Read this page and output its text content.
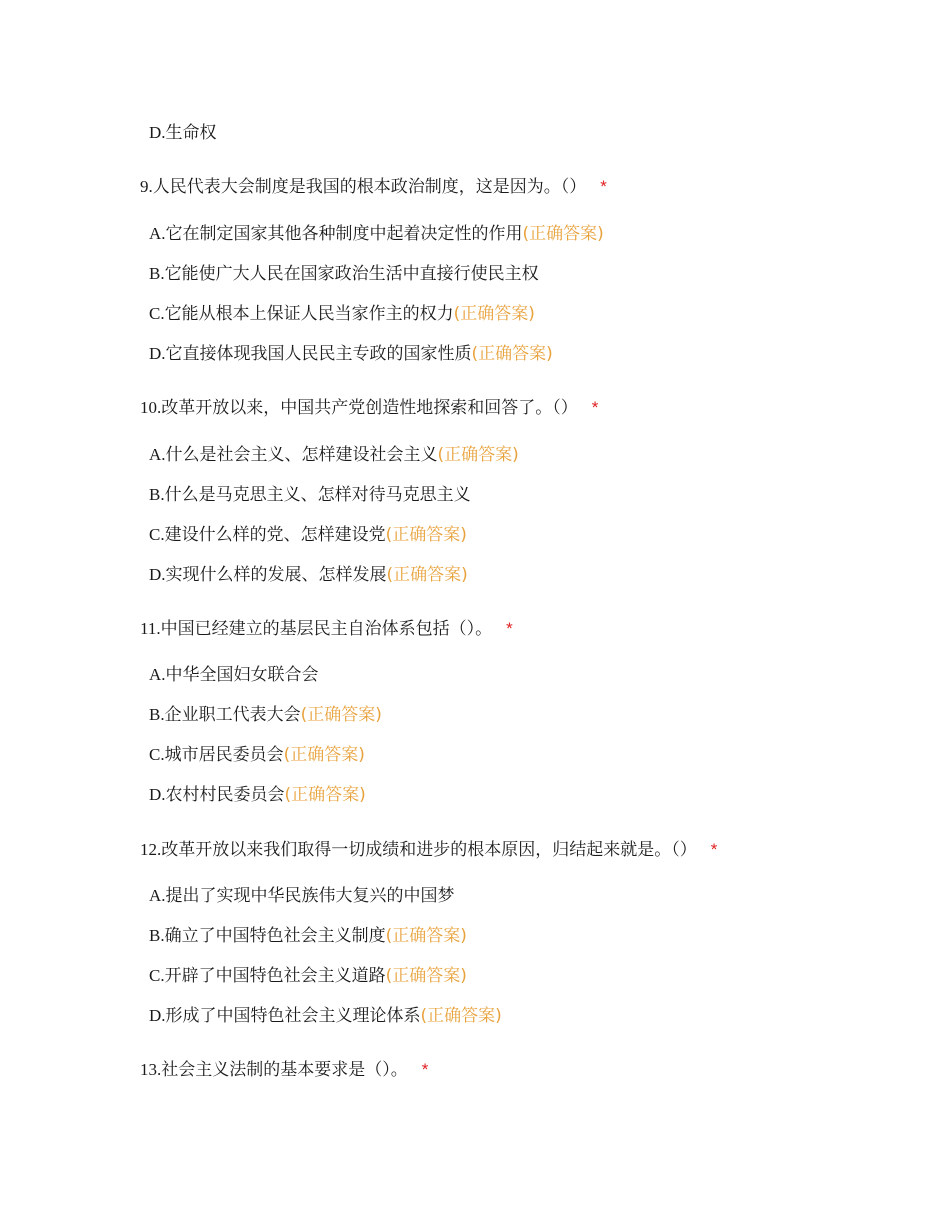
D.生命权
9.人民代表大会制度是我国的根本政治制度，这是因为。（） *
A.它在制定国家其他各种制度中起着决定性的作用(正确答案)
B.它能使广大人民在国家政治生活中直接行使民主权
C.它能从根本上保证人民当家作主的权力(正确答案)
D.它直接体现我国人民民主专政的国家性质(正确答案)
10.改革开放以来，中国共产党创造性地探索和回答了。（） *
A.什么是社会主义、怎样建设社会主义(正确答案)
B.什么是马克思主义、怎样对待马克思主义
C.建设什么样的党、怎样建设党(正确答案)
D.实现什么样的发展、怎样发展(正确答案)
11.中国已经建立的基层民主自治体系包括（）。 *
A.中华全国妇女联合会
B.企业职工代表大会(正确答案)
C.城市居民委员会(正确答案)
D.农村村民委员会(正确答案)
12.改革开放以来我们取得一切成绩和进步的根本原因，归结起来就是。（） *
A.提出了实现中华民族伟大复兴的中国梦
B.确立了中国特色社会主义制度(正确答案)
C.开辟了中国特色社会主义道路(正确答案)
D.形成了中国特色社会主义理论体系(正确答案)
13.社会主义法制的基本要求是（）。 *
